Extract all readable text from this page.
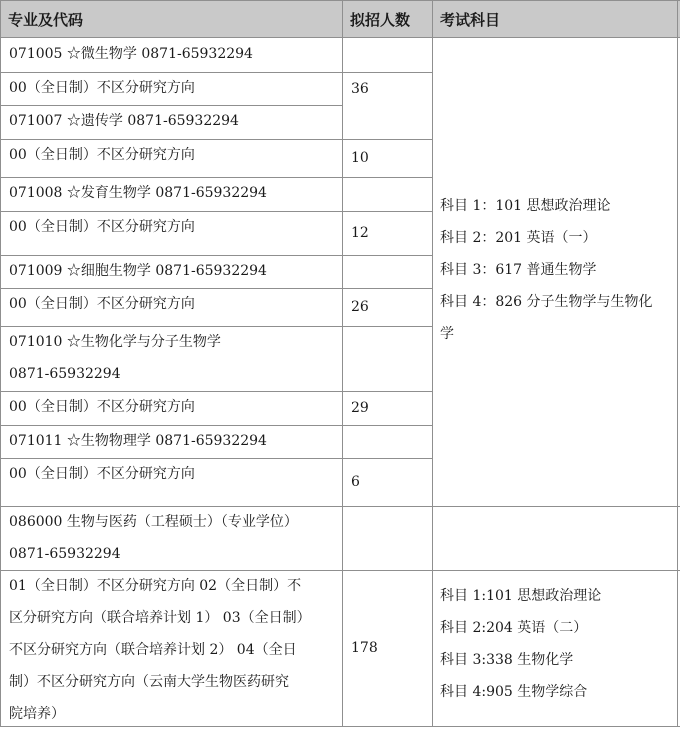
专业及代码	拟招人数	考试科目
071005 ☆微生物学 0871-65932294
00（全日制）不区分研究方向
071007 ☆遗传学 0871-65932294
00（全日制）不区分研究方向
071008 ☆发育生物学 0871-65932294
00（全日制）不区分研究方向
071009 ☆细胞生物学 0871-65932294
00（全日制）不区分研究方向
071010 ☆生物化学与分子生物学
0871-65932294
00（全日制）不区分研究方向
071011 ☆生物物理学 0871-65932294
00（全日制）不区分研究方向
086000 生物与医药（工程硕士）（专业学位）
0871-65932294
01（全日制）不区分研究方向 02（全日制）不
区分研究方向（联合培养计划 1） 03（全日制）
不区分研究方向（联合培养计划 2） 04（全日
制）不区分研究方向（云南大学生物医药研究
院培养）
36
10
12
26
29
6
178
科目 1：101 思想政治理论
科目 2：201 英语（一）
科目 3：617 普通生物学
科目 4：826 分子生物学与生物化
学
科目 1:101 思想政治理论
科目 2:204 英语（二）
科目 3:338 生物化学
科目 4:905 生物学综合
